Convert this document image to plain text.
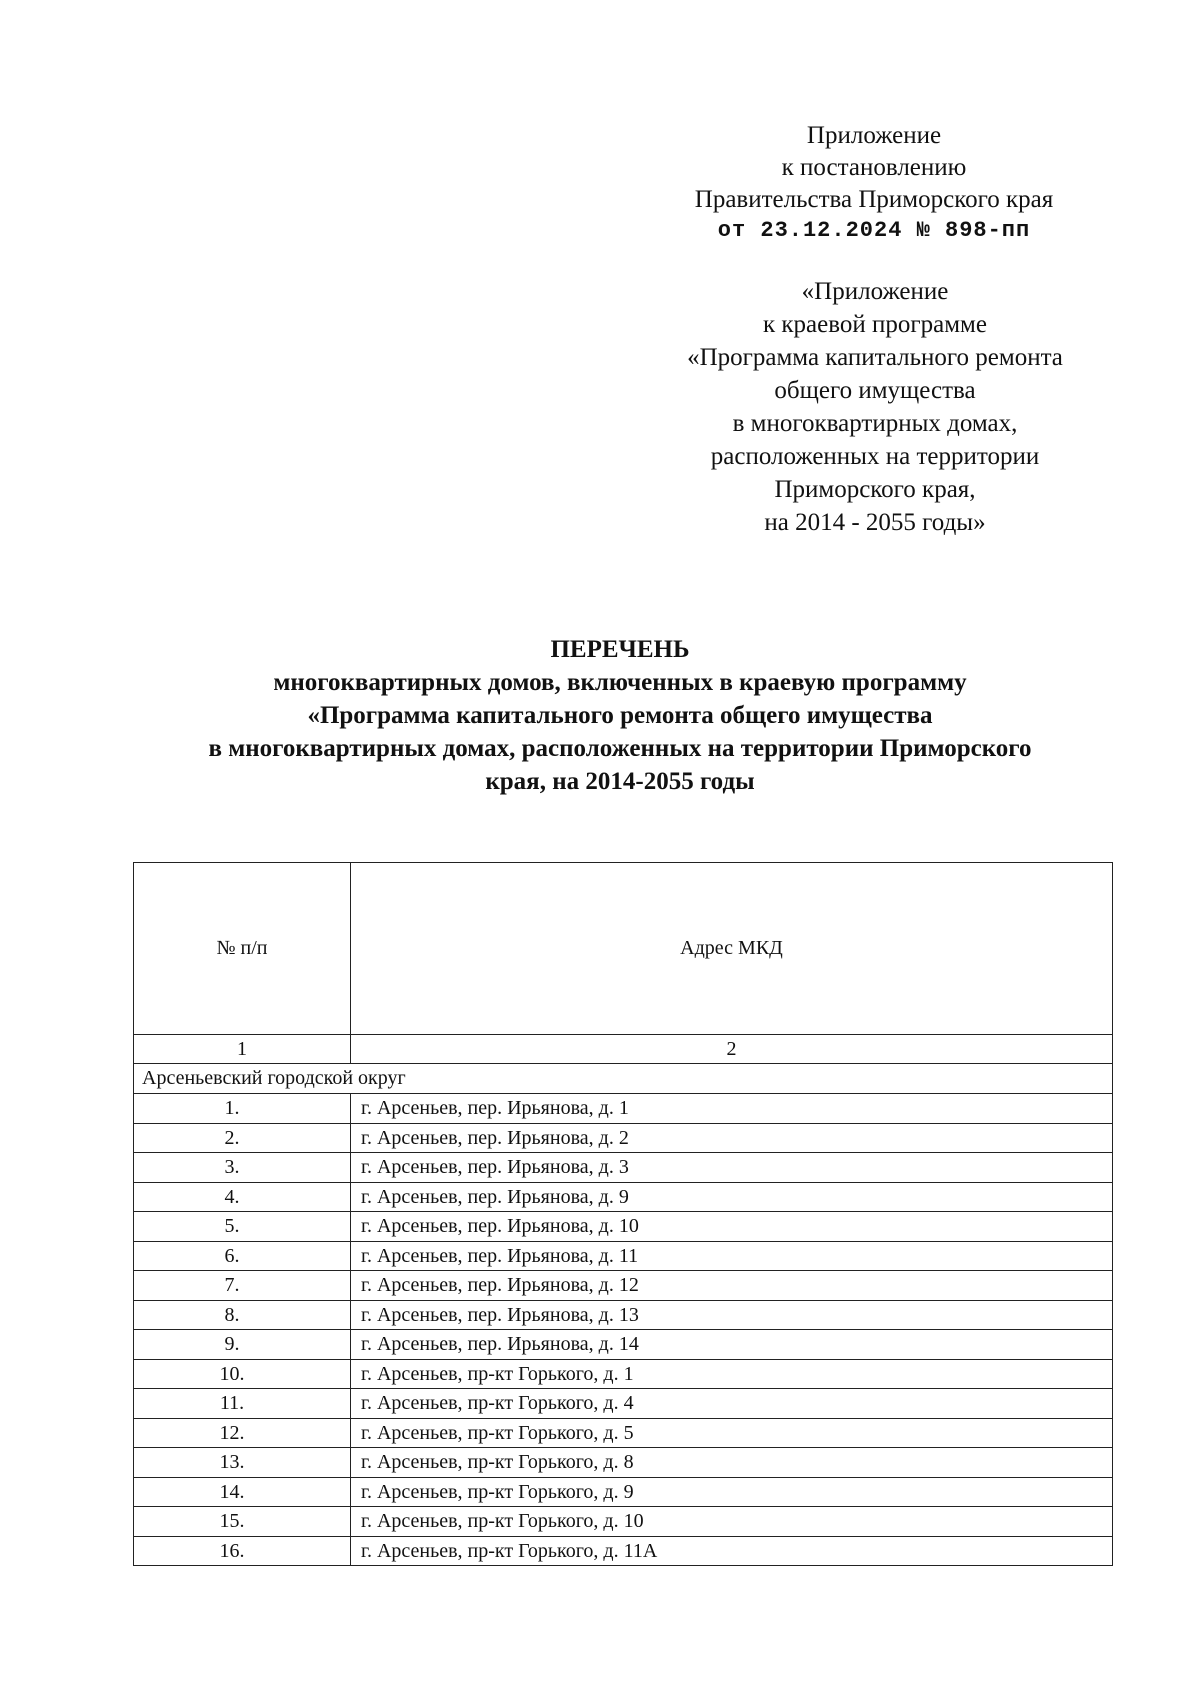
Приложение
к постановлению
Правительства Приморского края
от 23.12.2024 № 898-пп
«Приложение
к краевой программе
«Программа капитального ремонта
общего имущества
в многоквартирных домах,
расположенных на территории
Приморского края,
на 2014 - 2055 годы»
ПЕРЕЧЕНЬ
многоквартирных домов, включенных в краевую программу
«Программа капитального ремонта общего имущества
в многоквартирных домах, расположенных на территории Приморского
края, на 2014-2055 годы
№ п/п	Адрес МКД
1	2
Арсеньевский городской округ	
1.	г. Арсеньев, пер. Ирьянова, д. 1
2.	г. Арсеньев, пер. Ирьянова, д. 2
3.	г. Арсеньев, пер. Ирьянова, д. 3
4.	г. Арсеньев, пер. Ирьянова, д. 9
5.	г. Арсеньев, пер. Ирьянова, д. 10
6.	г. Арсеньев, пер. Ирьянова, д. 11
7.	г. Арсеньев, пер. Ирьянова, д. 12
8.	г. Арсеньев, пер. Ирьянова, д. 13
9.	г. Арсеньев, пер. Ирьянова, д. 14
10.	г. Арсеньев, пр-кт Горького, д. 1
11.	г. Арсеньев, пр-кт Горького, д. 4
12.	г. Арсеньев, пр-кт Горького, д. 5
13.	г. Арсеньев, пр-кт Горького, д. 8
14.	г. Арсеньев, пр-кт Горького, д. 9
15.	г. Арсеньев, пр-кт Горького, д. 10
16.	г. Арсеньев, пр-кт Горького, д. 11А
